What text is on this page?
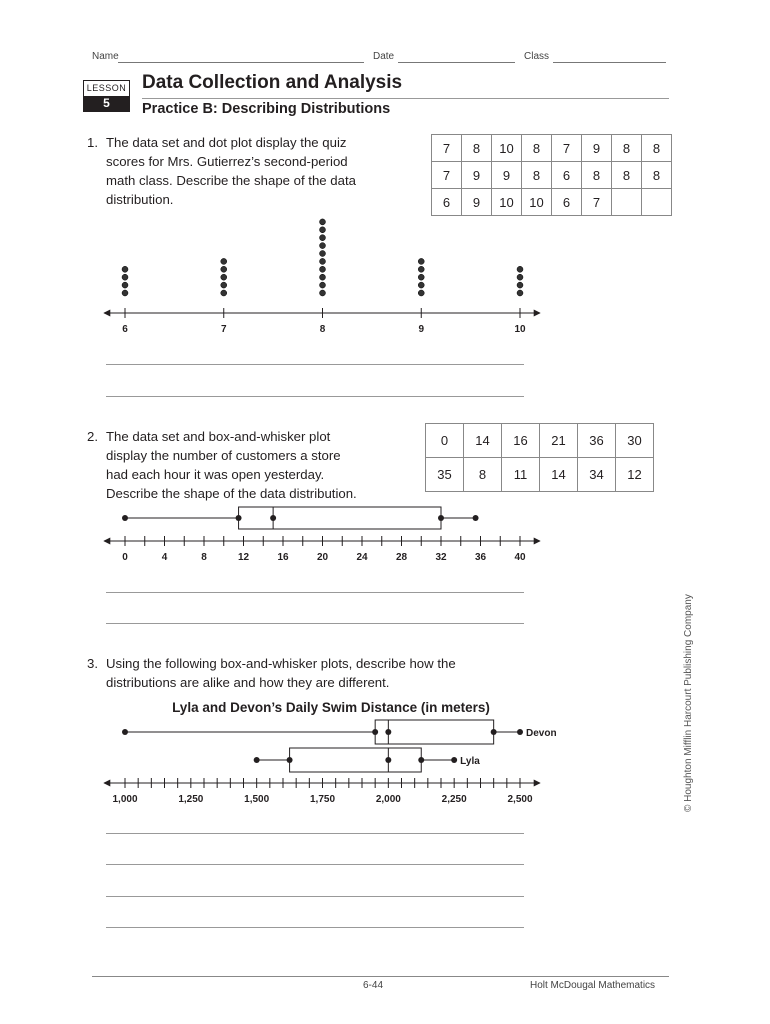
Name	Date	Class
LESSON
5
Data Collection and Analysis
Practice B: Describing Distributions
1. The data set and dot plot display the quiz
scores for Mrs. Gutierrez’s second-period
math class. Describe the shape of the data
distribution.
7	8	10	8	7	9	8	8
7	9	9	8	6	8	8	8
6	9	10	10	6	7		
2. The data set and box-and-whisker plot
display the number of customers a store
had each hour it was open yesterday.
Describe the shape of the data distribution.
0	14	16	21	36	30
35	8	11	14	34	12
3. Using the following box-and-whisker plots, describe how the
distributions are alike and how they are different.
6	7	8	9	10
0	4	8	12	16	20	24	28	32	36	40
Lyla and Devon’s Daily Swim Distance (in meters)
1,000	1,250	1,500	1,750	2,000	2,250	2,500
Devon
Lyla	© Houghton Mifflin Harcourt Publishing Company
6-44	Holt McDougal Mathematics
